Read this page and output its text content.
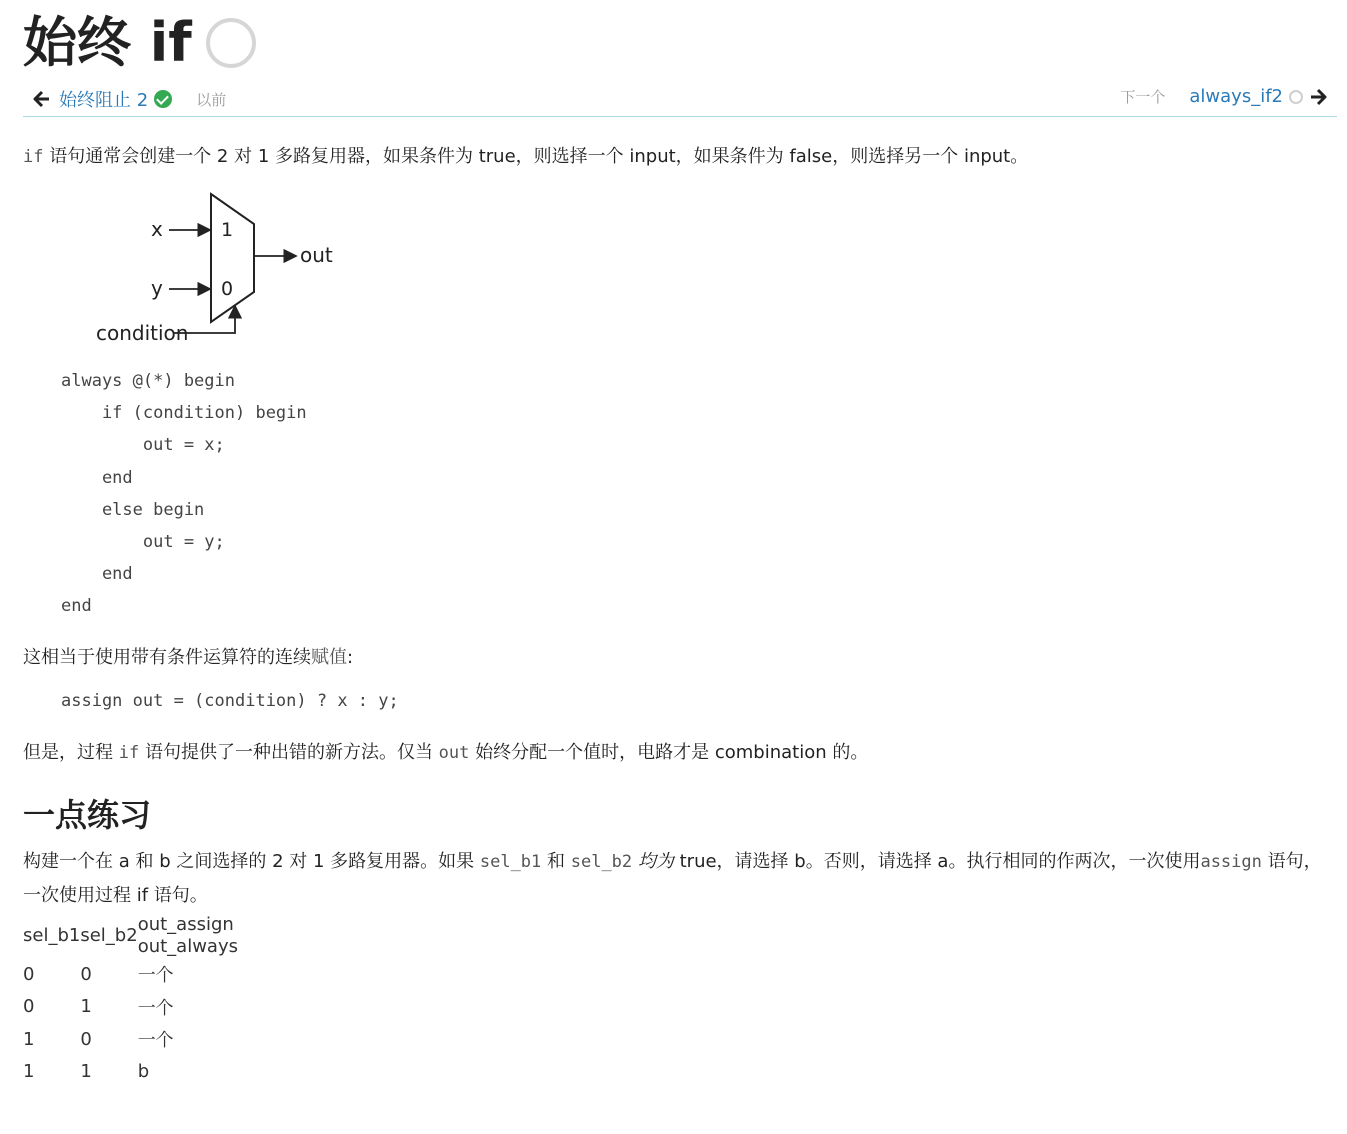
始终 if
始终阻止 2	以前	下一个 always_if2

if 语句通常会创建一个 2 对 1 多路复用器，如果条件为 true，则选择一个 input，如果条件为 false，则选择另一个 input。

x
y
1
0
out
condition
always @(*) begin
if (condition) begin
out = x;
end
else begin
out = y;
end
end

这相当于使用带有条件运算符的连续赋值:

assign out = (condition) ? x : y;

但是，过程 if 语句提供了一种出错的新方法。仅当 out 始终分配一个值时，电路才是 combination 的。

一点练习

构建一个在 a 和 b 之间选择的 2 对 1 多路复用器。如果 sel_b1 和 sel_b2 均为 true，请选择 b。否则，请选择 a。执行相同的作两次，一次使用assign 语句，一次使用过程 if 语句。

sel_b1	sel_b2	out_assign
out_always

0	0	一个
0	1	一个
1	0	一个
1	1	b
